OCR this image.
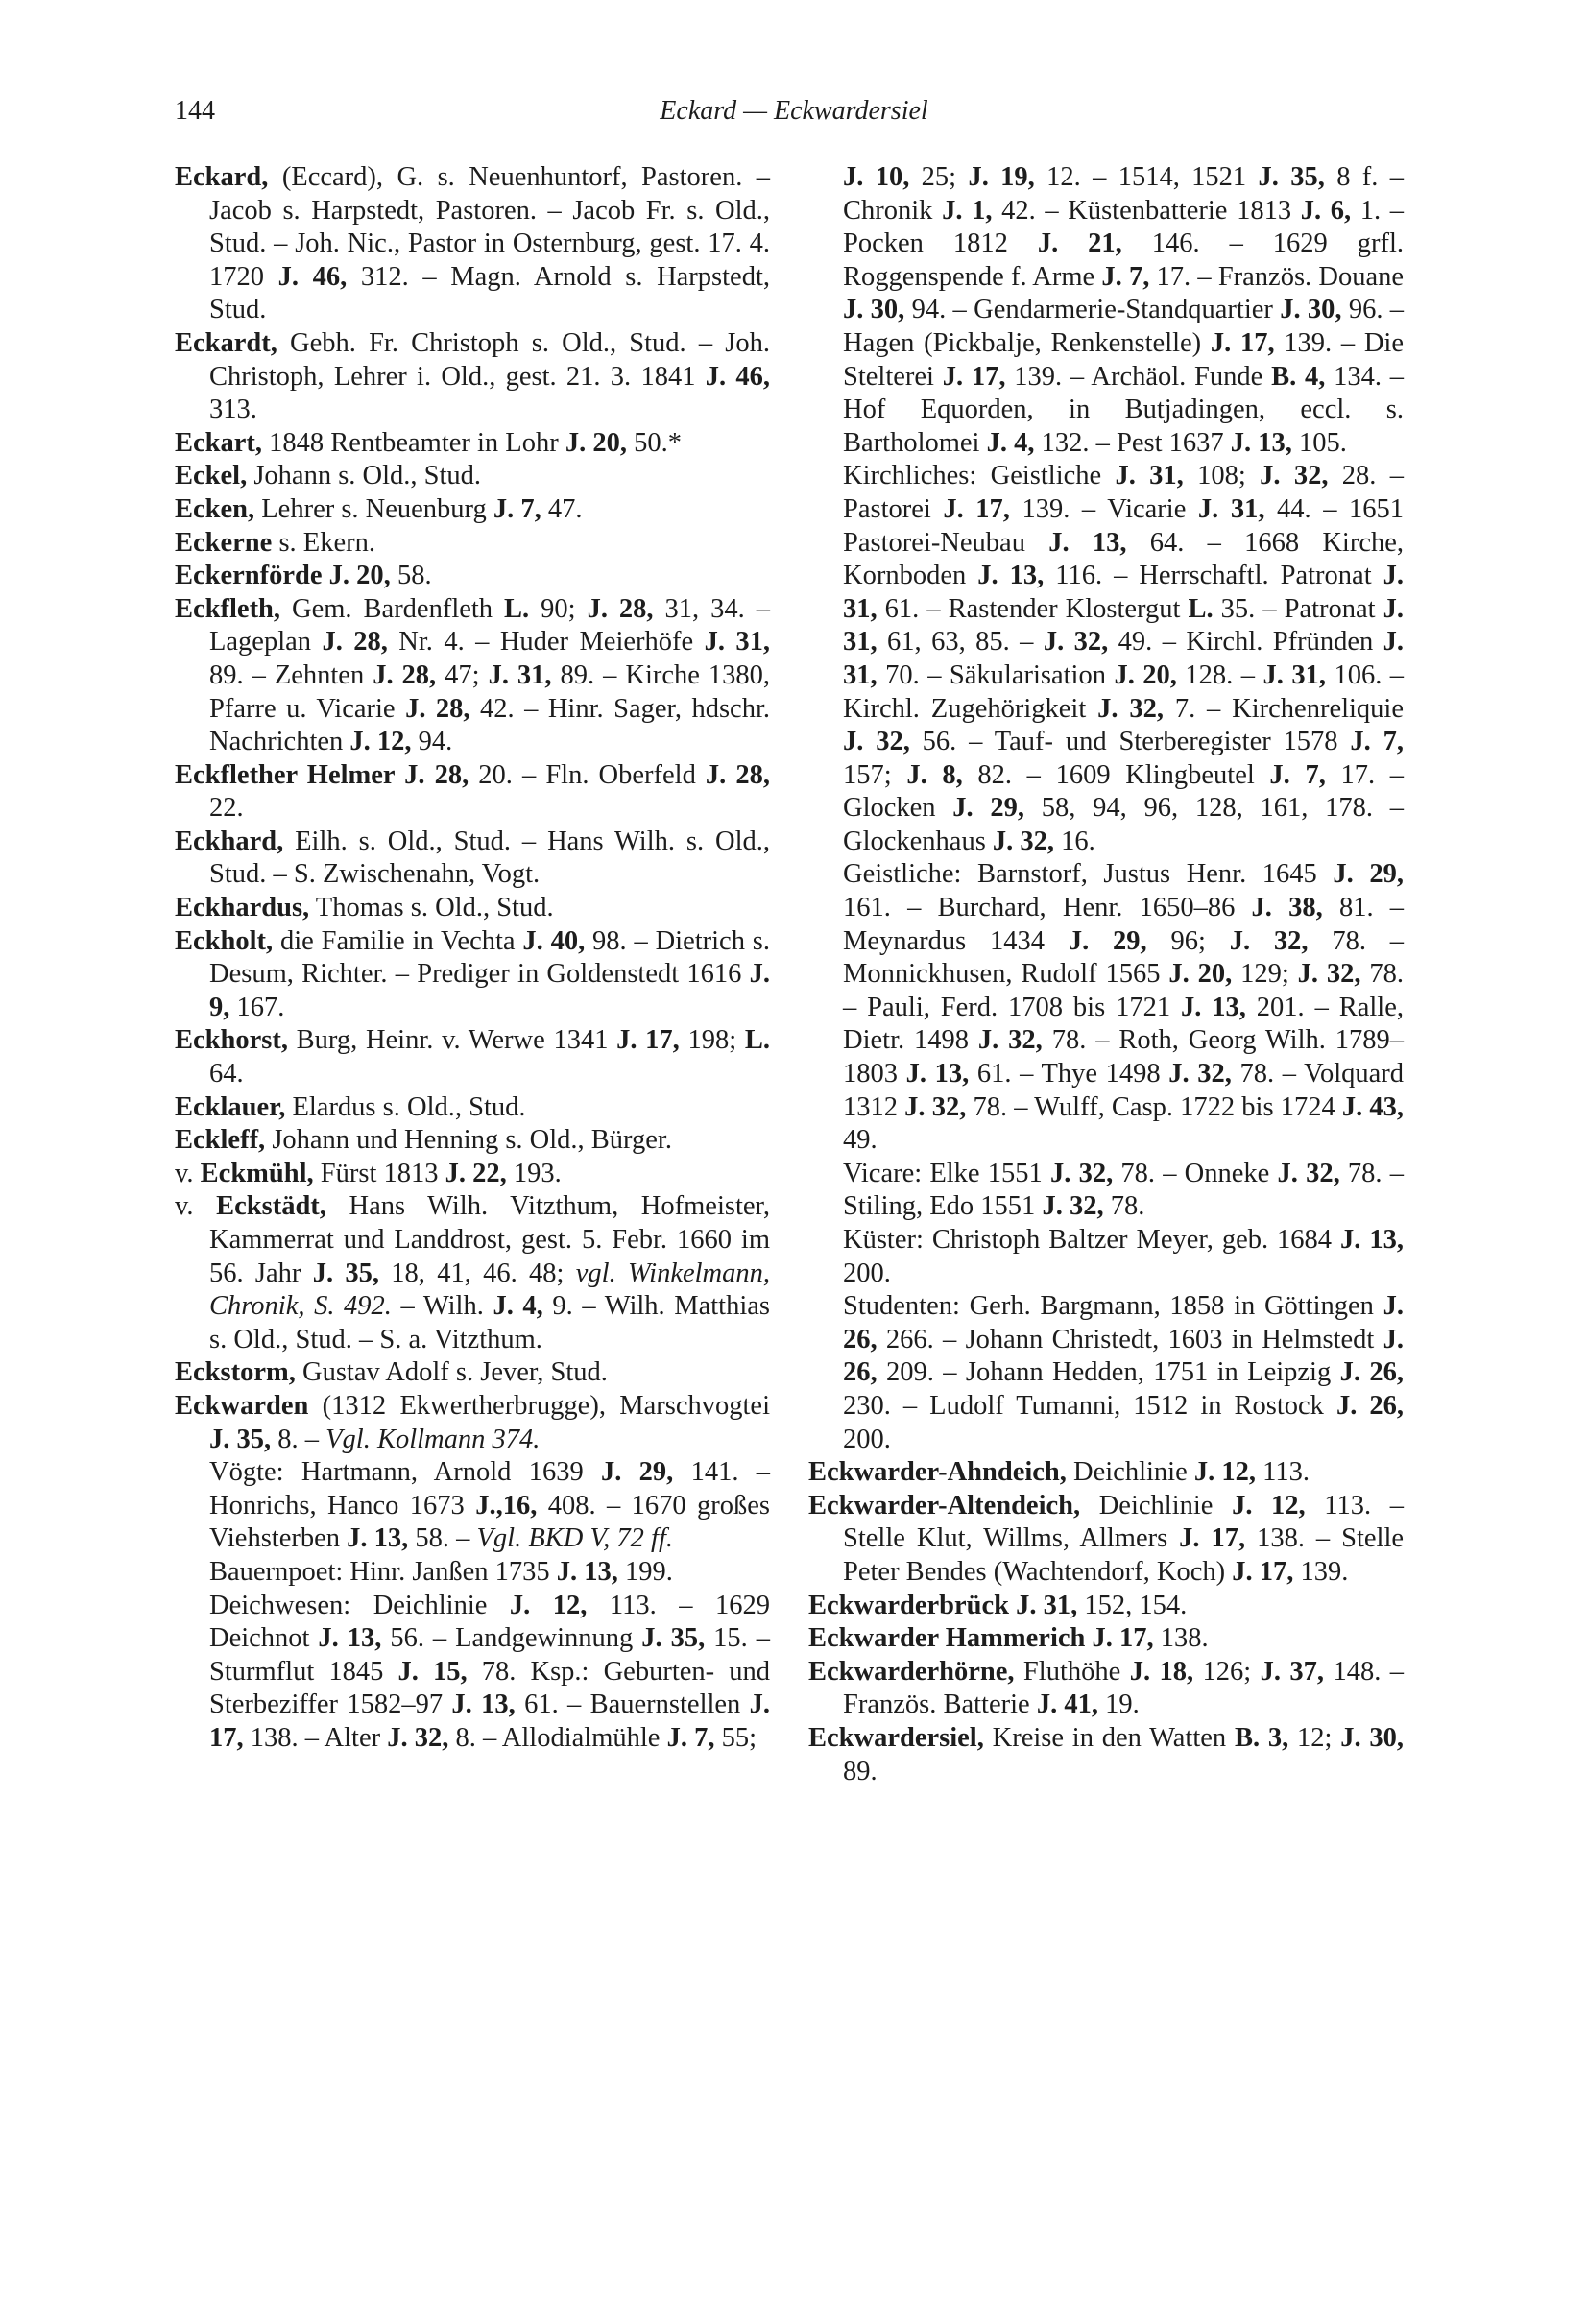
144	Eckard — Eckwardersiel
Eckard, (Eccard), G. s. Neuenhuntorf, Pastoren. – Jacob s. Harpstedt, Pastoren. – Jacob Fr. s. Old., Stud. – Joh. Nic., Pastor in Osternburg, gest. 17. 4. 1720 J. 46, 312. – Magn. Arnold s. Harpstedt, Stud.
Eckardt, Gebh. Fr. Christoph s. Old., Stud. – Joh. Christoph, Lehrer i. Old., gest. 21. 3. 1841 J. 46, 313.
Eckart, 1848 Rentbeamter in Lohr J. 20, 50.*
Eckel, Johann s. Old., Stud.
Ecken, Lehrer s. Neuenburg J. 7, 47.
Eckerne s. Ekern.
Eckernförde J. 20, 58.
Eckfleth, Gem. Bardenfleth L. 90; J. 28, 31, 34. – Lageplan J. 28, Nr. 4. – Huder Meierhöfe J. 31, 89. – Zehnten J. 28, 47; J. 31, 89. – Kirche 1380, Pfarre u. Vicarie J. 28, 42. – Hinr. Sager, hdschr. Nachrichten J. 12, 94.
Eckflether Helmer J. 28, 20. – Fln. Oberfeld J. 28, 22.
Eckhard, Eilh. s. Old., Stud. – Hans Wilh. s. Old., Stud. – S. Zwischenahn, Vogt.
Eckhardus, Thomas s. Old., Stud.
Eckholt, die Familie in Vechta J. 40, 98. – Dietrich s. Desum, Richter. – Prediger in Goldenstedt 1616 J. 9, 167.
Eckhorst, Burg, Heinr. v. Werwe 1341 J. 17, 198; L. 64.
Ecklauer, Elardus s. Old., Stud.
Eckleff, Johann und Henning s. Old., Bürger.
v. Eckmühl, Fürst 1813 J. 22, 193.
v. Eckstädt, Hans Wilh. Vitzthum, Hofmeister, Kammerrat und Landdrost, gest. 5. Febr. 1660 im 56. Jahr J. 35, 18, 41, 46. 48; vgl. Winkelmann, Chronik, S. 492. – Wilh. J. 4, 9. – Wilh. Matthias s. Old., Stud. – S. a. Vitzthum.
Eckstorm, Gustav Adolf s. Jever, Stud.
Eckwarden (1312 Ekwertherbrugge), Marschvogtei J. 35, 8. – Vgl. Kollmann 374.
Vögte: Hartmann, Arnold 1639 J. 29, 141. – Honrichs, Hanco 1673 J.,16, 408. – 1670 großes Viehsterben J. 13, 58. – Vgl. BKD V, 72 ff.
Bauernpoet: Hinr. Janßen 1735 J. 13, 199.
Deichwesen: Deichlinie J. 12, 113. – 1629 Deichnot J. 13, 56. – Landgewinnung J. 35, 15. – Sturmflut 1845 J. 15, 78. Ksp.: Geburten- und Sterbeziffer 1582–97 J. 13, 61. – Bauernstellen J. 17, 138. – Alter J. 32, 8. – Allodialmühle J. 7, 55;
J. 10, 25; J. 19, 12. – 1514, 1521 J. 35, 8 f. – Chronik J. 1, 42. – Küstenbatterie 1813 J. 6, 1. – Pocken 1812 J. 21, 146. – 1629 grfl. Roggenspende f. Arme J. 7, 17. – Französ. Douane J. 30, 94. – Gendarmerie-Standquartier J. 30, 96. – Hagen (Pickbalje, Renkenstelle) J. 17, 139. – Die Stelterei J. 17, 139. – Archäol. Funde B. 4, 134. – Hof Equorden, in Butjadingen, eccl. s. Bartholomei J. 4, 132. – Pest 1637 J. 13, 105.
Kirchliches: Geistliche J. 31, 108; J. 32, 28. – Pastorei J. 17, 139. – Vicarie J. 31, 44. – 1651 Pastorei-Neubau J. 13, 64. – 1668 Kirche, Kornboden J. 13, 116. – Herrschaftl. Patronat J. 31, 61. – Rastender Klostergut L. 35. – Patronat J. 31, 61, 63, 85. – J. 32, 49. – Kirchl. Pfründen J. 31, 70. – Säkularisation J. 20, 128. – J. 31, 106. – Kirchl. Zugehörigkeit J. 32, 7. – Kirchenreliquie J. 32, 56. – Tauf- und Sterberegister 1578 J. 7, 157; J. 8, 82. – 1609 Klingbeutel J. 7, 17. – Glocken J. 29, 58, 94, 96, 128, 161, 178. – Glockenhaus J. 32, 16.
Geistliche: Barnstorf, Justus Henr. 1645 J. 29, 161. – Burchard, Henr. 1650–86 J. 38, 81. – Meynardus 1434 J. 29, 96; J. 32, 78. – Monnickhusen, Rudolf 1565 J. 20, 129; J. 32, 78. – Pauli, Ferd. 1708 bis 1721 J. 13, 201. – Ralle, Dietr. 1498 J. 32, 78. – Roth, Georg Wilh. 1789–1803 J. 13, 61. – Thye 1498 J. 32, 78. – Volquard 1312 J. 32, 78. – Wulff, Casp. 1722 bis 1724 J. 43, 49.
Vicare: Elke 1551 J. 32, 78. – Onneke J. 32, 78. – Stiling, Edo 1551 J. 32, 78.
Küster: Christoph Baltzer Meyer, geb. 1684 J. 13, 200.
Studenten: Gerh. Bargmann, 1858 in Göttingen J. 26, 266. – Johann Christedt, 1603 in Helmstedt J. 26, 209. – Johann Hedden, 1751 in Leipzig J. 26, 230. – Ludolf Tumanni, 1512 in Rostock J. 26, 200.
Eckwarder-Ahndeich, Deichlinie J. 12, 113.
Eckwarder-Altendeich, Deichlinie J. 12, 113. – Stelle Klut, Willms, Allmers J. 17, 138. – Stelle Peter Bendes (Wachtendorf, Koch) J. 17, 139.
Eckwarderbrück J. 31, 152, 154.
Eckwarder Hammerich J. 17, 138.
Eckwarderhörne, Fluthöhe J. 18, 126; J. 37, 148. – Französ. Batterie J. 41, 19.
Eckwardersiel, Kreise in den Watten B. 3, 12; J. 30, 89.
